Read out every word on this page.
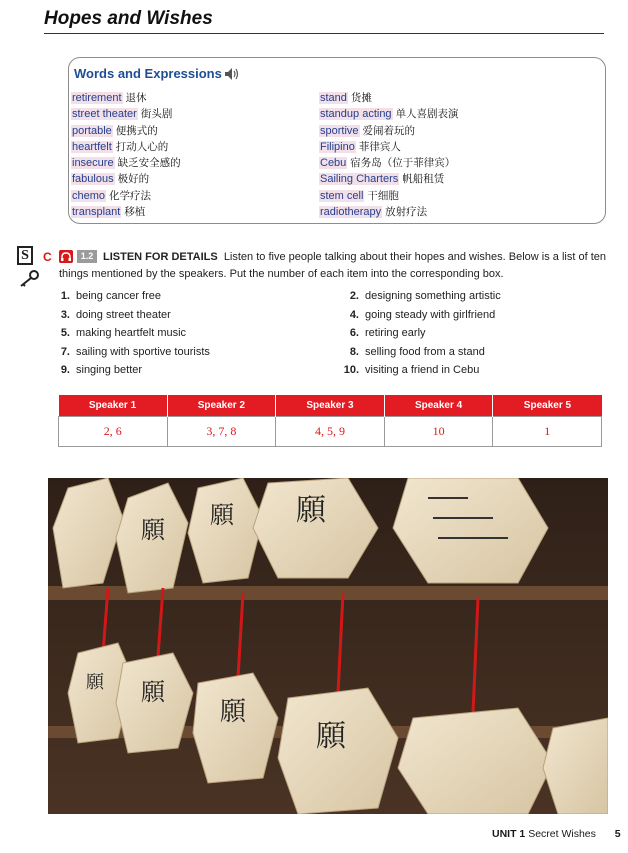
Hopes and Wishes
Words and Expressions
retirement 退休
street theater 街头剧
portable 便携式的
heartfelt 打动人心的
insecure 缺乏安全感的
fabulous 极好的
chemo 化学疗法
transplant 移植
stand 货摊
standup acting 单人喜剧表演
sportive 爱闹着玩的
Filipino 菲律宾人
Cebu 宿务岛（位于菲律宾）
Sailing Charters 帆船租赁
stem cell 干细胞
radiotherapy 放射疗法
S	C	1.2 LISTEN FOR DETAILS Listen to five people talking about their hopes and wishes. Below is a list of ten things mentioned by the speakers. Put the number of each item into the corresponding box.
1. being cancer free	2. designing something artistic
3. doing street theater	4. going steady with girlfriend
5. making heartfelt music	6. retiring early
7. sailing with sportive tourists	8. selling food from a stand
9. singing better	10. visiting a friend in Cebu
Speaker 1	Speaker 2	Speaker 3	Speaker 4	Speaker 5
2, 6	3, 7, 8	4, 5, 9	10	1
願
願 願
願 願
願
願
UNIT 1 Secret Wishes 5
